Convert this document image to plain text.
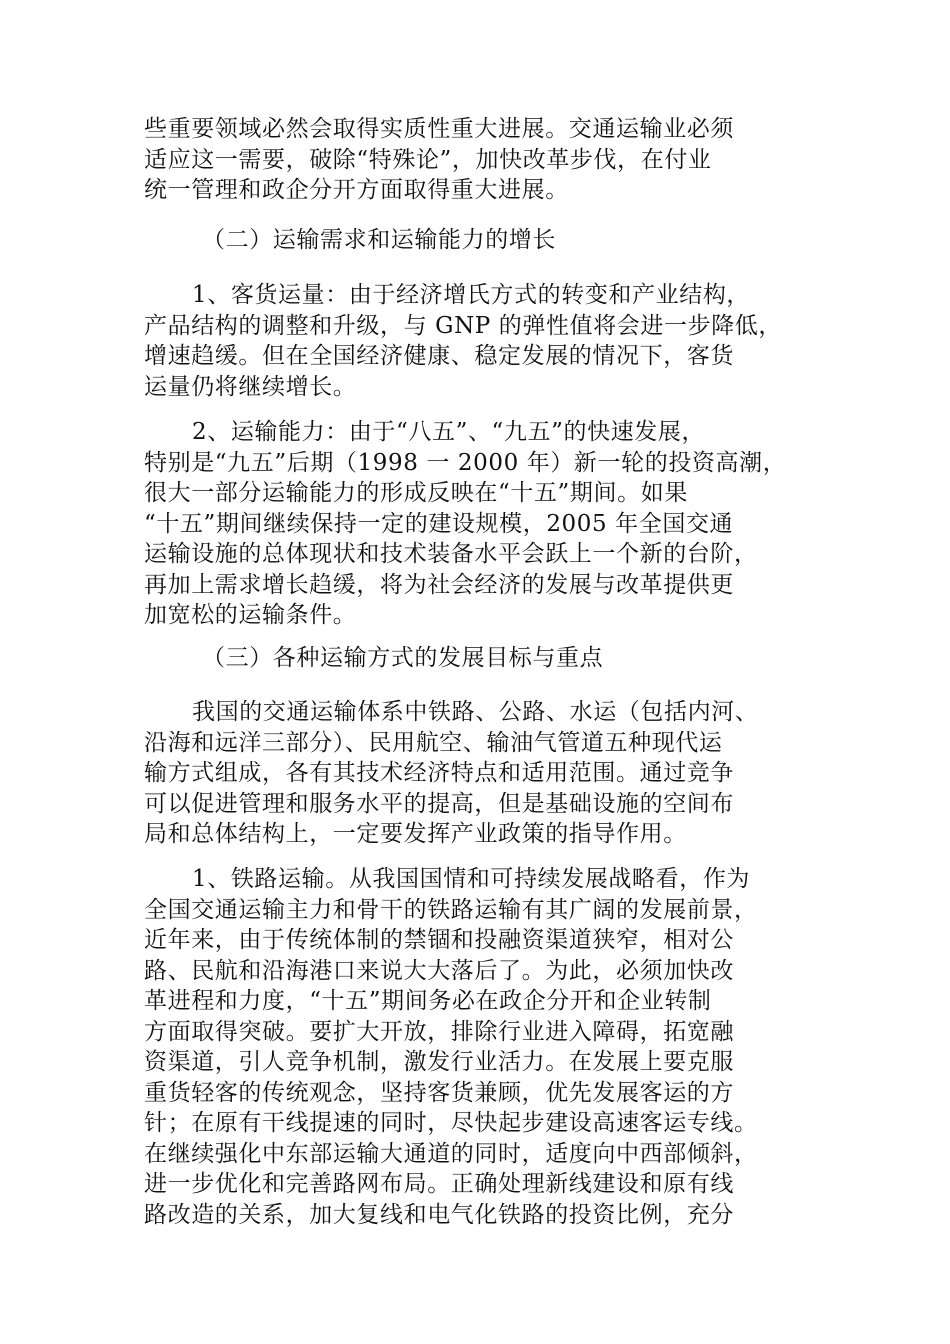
些重要领域必然会取得实质性重大进展。交通运输业必须
适应这一需要，破除“特殊论”，加快改革步伐，在付业
统一管理和政企分开方面取得重大进展。
（二）运输需求和运输能力的增长
1、客货运量：由于经济增氏方式的转变和产业结构，
产品结构的调整和升级，与 GNP 的弹性值将会进一步降低，
增速趋缓。但在全国经济健康、稳定发展的情况下，客货
运量仍将继续增长。
2、运输能力：由于“八五”、“九五”的快速发展，
特别是“九五”后期（1998 一 2000 年）新一轮的投资高潮，
很大一部分运输能力的形成反映在“十五”期间。如果
“十五”期间继续保持一定的建设规模，2005 年全国交通
运输设施的总体现状和技术装备水平会跃上一个新的台阶，
再加上需求增长趋缓，将为社会经济的发展与改革提供更
加宽松的运输条件。
（三）各种运输方式的发展目标与重点
我国的交通运输体系中铁路、公路、水运（包括内河、
沿海和远洋三部分）、民用航空、输油气管道五种现代运
输方式组成，各有其技术经济特点和适用范围。通过竞争
可以促进管理和服务水平的提高，但是基础设施的空间布
局和总体结构上，一定要发挥产业政策的指导作用。
1、铁路运输。从我国国情和可持续发展战略看，作为
全国交通运输主力和骨干的铁路运输有其广阔的发展前景，
近年来，由于传统体制的禁锢和投融资渠道狭窄，相对公
路、民航和沿海港口来说大大落后了。为此，必须加快改
革进程和力度，“十五”期间务必在政企分开和企业转制
方面取得突破。要扩大开放，排除行业进入障碍，拓宽融
资渠道，引人竞争机制，激发行业活力。在发展上要克服
重货轻客的传统观念，坚持客货兼顾，优先发展客运的方
针；在原有干线提速的同时，尽快起步建设高速客运专线。
在继续强化中东部运输大通道的同时，适度向中西部倾斜，
进一步优化和完善路网布局。正确处理新线建设和原有线
路改造的关系，加大复线和电气化铁路的投资比例，充分
